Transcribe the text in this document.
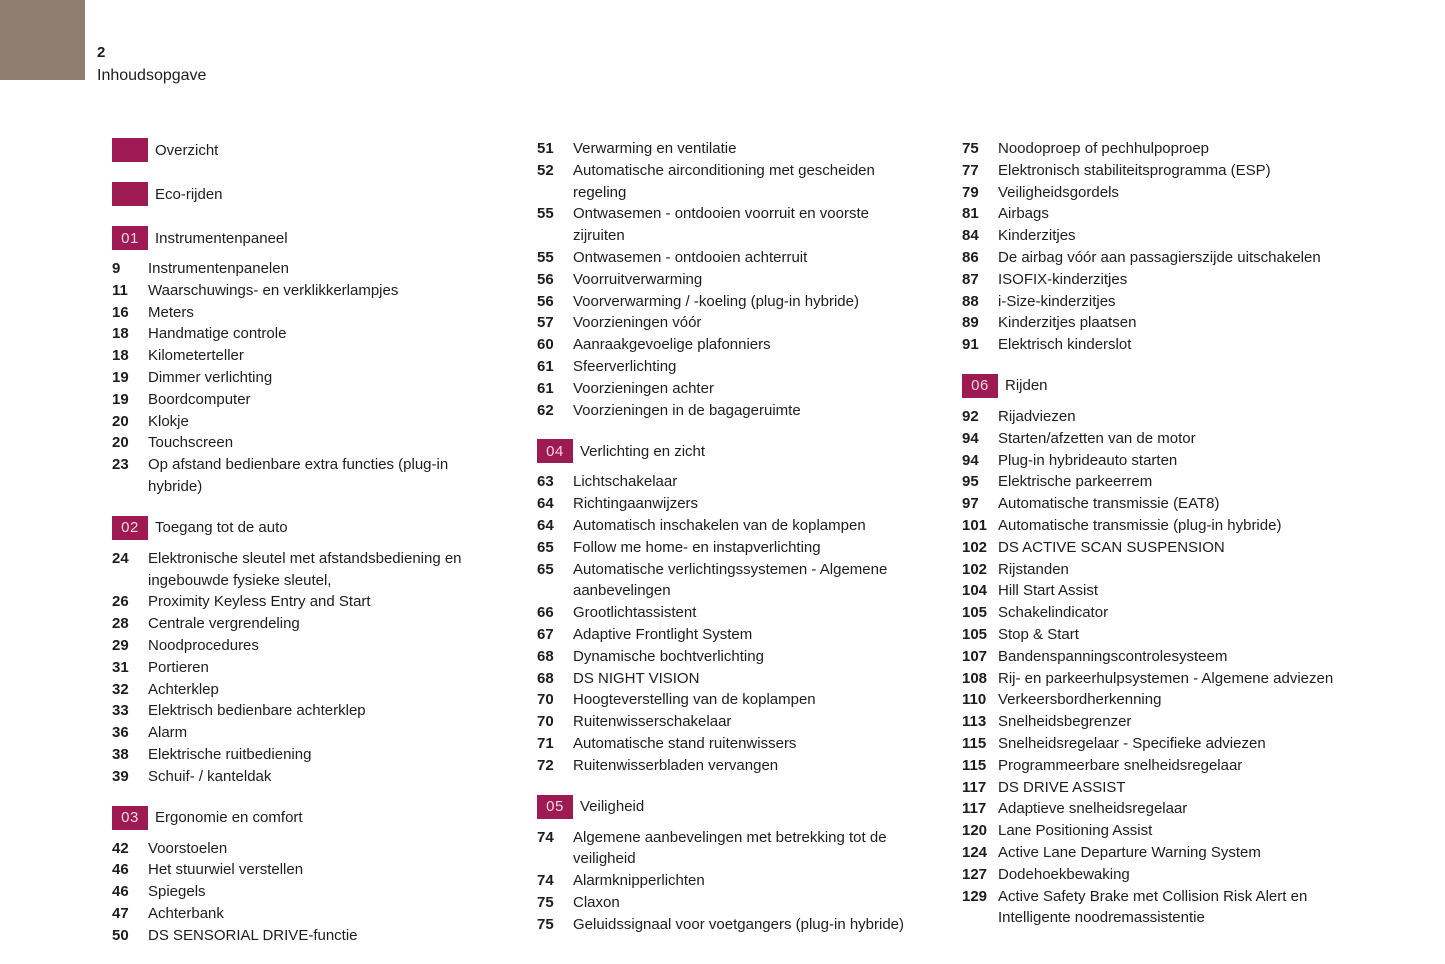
2
Inhoudsopgave
Overzicht
Eco-rijden
01	Instrumentenpaneel
9	Instrumentenpanelen
11	Waarschuwings- en verklikkerlampjes
16	Meters
18	Handmatige controle
18	Kilometerteller
19	Dimmer verlichting
19	Boordcomputer
20	Klokje
20	Touchscreen
23	Op afstand bedienbare extra functies (plug-in hybride)
02	Toegang tot de auto
24	Elektronische sleutel met afstandsbediening en ingebouwde fysieke sleutel,
26	Proximity Keyless Entry and Start
28	Centrale vergrendeling
29	Noodprocedures
31	Portieren
32	Achterklep
33	Elektrisch bedienbare achterklep
36	Alarm
38	Elektrische ruitbediening
39	Schuif- / kanteldak
03	Ergonomie en comfort
42	Voorstoelen
46	Het stuurwiel verstellen
46	Spiegels
47	Achterbank
50	DS SENSORIAL DRIVE-functie
51	Verwarming en ventilatie
52	Automatische airconditioning met gescheiden regeling
55	Ontwasemen - ontdooien voorruit en voorste zijruiten
55	Ontwasemen - ontdooien achterruit
56	Voorruitverwarming
56	Voorverwarming / -koeling (plug-in hybride)
57	Voorzieningen vóór
60	Aanraakgevoelige plafonniers
61	Sfeerverlichting
61	Voorzieningen achter
62	Voorzieningen in de bagageruimte
04	Verlichting en zicht
63	Lichtschakelaar
64	Richtingaanwijzers
64	Automatisch inschakelen van de koplampen
65	Follow me home- en instapverlichting
65	Automatische verlichtingssystemen - Algemene aanbevelingen
66	Grootlichtassistent
67	Adaptive Frontlight System
68	Dynamische bochtverlichting
68	DS NIGHT VISION
70	Hoogteverstelling van de koplampen
70	Ruitenwisserschakelaar
71	Automatische stand ruitenwissers
72	Ruitenwisserbladen vervangen
05	Veiligheid
74	Algemene aanbevelingen met betrekking tot de veiligheid
74	Alarmknipperlichten
75	Claxon
75	Geluidssignaal voor voetgangers (plug-in hybride)
75	Noodoproep of pechhulpoproep
77	Elektronisch stabiliteitsprogramma (ESP)
79	Veiligheidsgordels
81	Airbags
84	Kinderzitjes
86	De airbag vóór aan passagierszijde uitschakelen
87	ISOFIX-kinderzitjes
88	i-Size-kinderzitjes
89	Kinderzitjes plaatsen
91	Elektrisch kinderslot
06	Rijden
92	Rijadviezen
94	Starten/afzetten van de motor
94	Plug-in hybrideauto starten
95	Elektrische parkeerrem
97	Automatische transmissie (EAT8)
101 Automatische transmissie (plug-in hybride)
102 DS ACTIVE SCAN SUSPENSION
102 Rijstanden
104 Hill Start Assist
105 Schakelindicator
105 Stop & Start
107 Bandenspanningscontrolesysteem
108 Rij- en parkeerhulpsystemen - Algemene adviezen
110 Verkeersbordherkenning
113 Snelheidsbegrenzer
115 Snelheidsregelaar - Specifieke adviezen
115 Programmeerbare snelheidsregelaar
117 DS DRIVE ASSIST
117 Adaptieve snelheidsregelaar
120 Lane Positioning Assist
124 Active Lane Departure Warning System
127 Dodehoekbewaking
129 Active Safety Brake met Collision Risk Alert en Intelligente noodremassistentie
